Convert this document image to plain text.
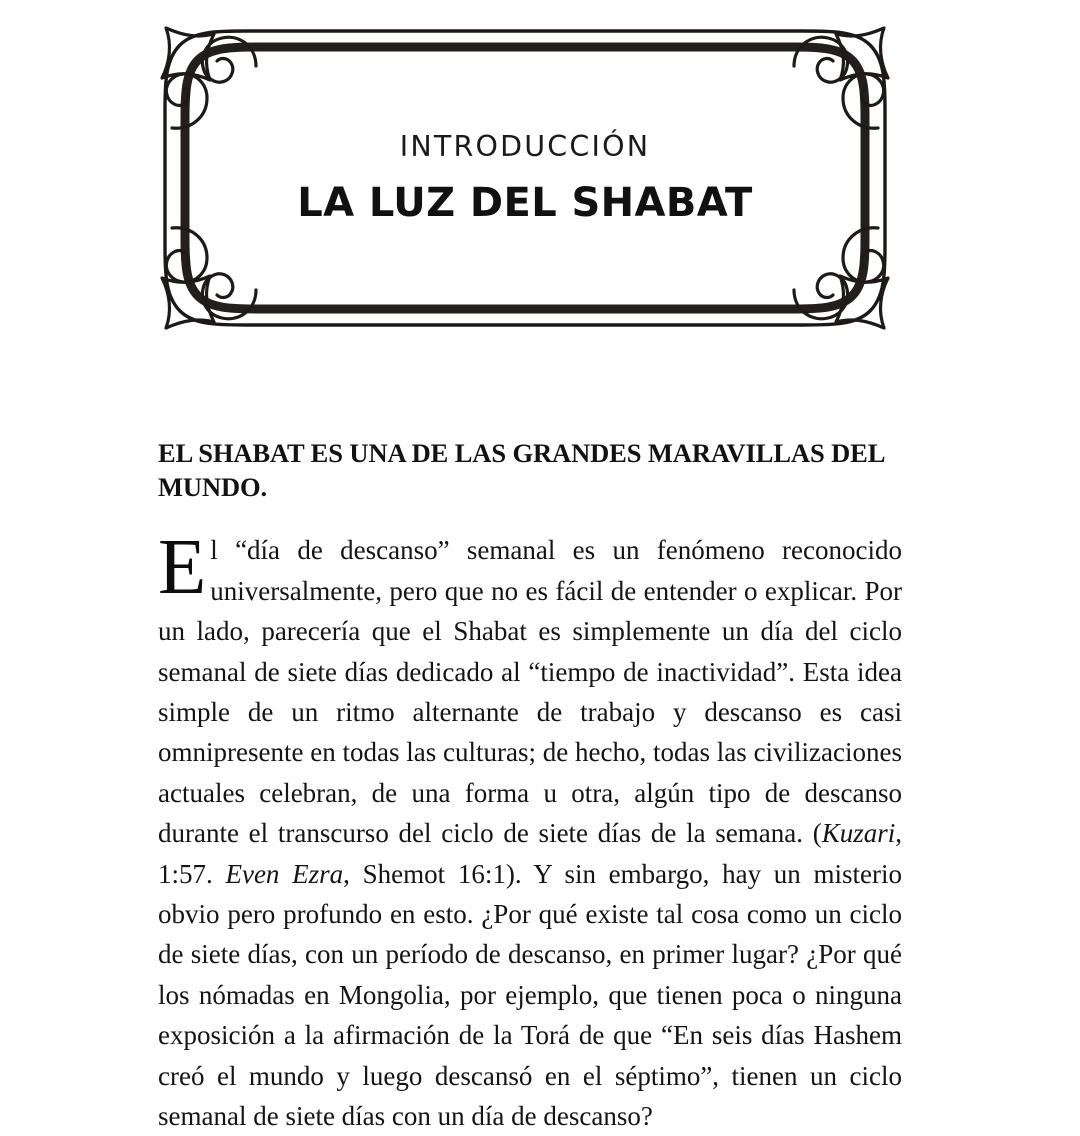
INTRODUCCIÓN
LA LUZ DEL SHABAT
EL SHABAT ES UNA DE LAS GRANDES MARAVILLAS DEL MUNDO.

El “día de descanso” semanal es un fenómeno reconocido universalmente, pero que no es fácil de entender o explicar. Por un lado, parecería que el Shabat es simplemente un día del ciclo semanal de siete días dedicado al “tiempo de inactividad”. Esta idea simple de un ritmo alternante de trabajo y descanso es casi omnipresente en todas las culturas; de hecho, todas las civilizaciones actuales celebran, de una forma u otra, algún tipo de descanso durante el transcurso del ciclo de siete días de la semana. (Kuzari, 1:57. Even Ezra, Shemot 16:1). Y sin embargo, hay un misterio obvio pero profundo en esto. ¿Por qué existe tal cosa como un ciclo de siete días, con un período de descanso, en primer lugar? ¿Por qué los nómadas en Mongolia, por ejemplo, que tienen poca o ninguna exposición a la afirmación de la Torá de que “En seis días Hashem creó el mundo y luego descansó en el séptimo”, tienen un ciclo semanal de siete días con un día de descanso?
